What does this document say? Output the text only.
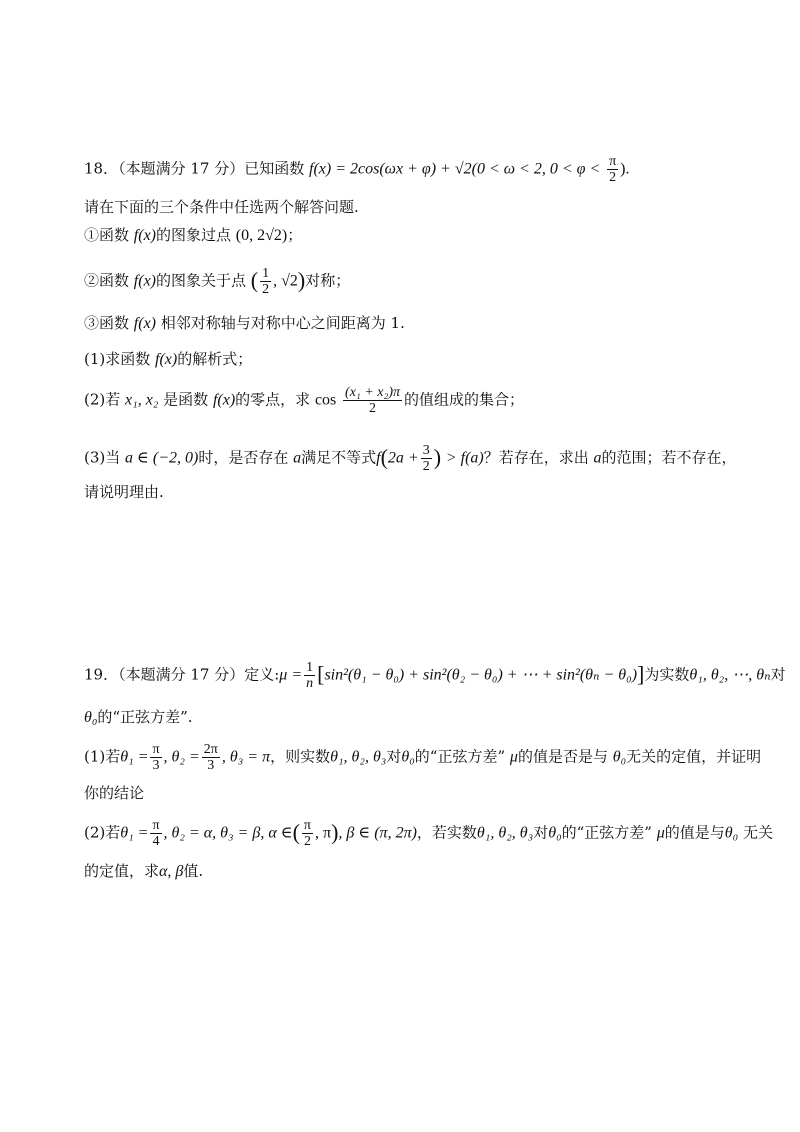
18．（本题满分 17 分）已知函数 f(x) = 2cos(ωx + φ) + √2(0 < ω < 2, $0 < \varphi < \frac{\pi}{2}$ ).
请在下面的三个条件中任选两个解答问题.
①函数 f(x)的图象过点 (0, 2√2)；
②函数 f(x)的图象关于点 ( $\frac{1}{2}$ , √2)对称；
③函数 f(x) 相邻对称轴与对称中心之间距离为 1.
(1)求函数 f(x)的解析式；
(2)若 x₁, x₂ 是函数 f(x)的零点，求 $\cos \frac{\text{(x₁ + x₂)π}}{2}$ 的值组成的集合；
(3)当 a ∈ (−2, 0)时，是否存在 a满足不等式$f(2a + \frac{3}{2}$ ) > f(a)？若存在，求出 a的范围；若不存在，
请说明理由.
19．（本题满分 17 分）定义:μ = $\frac{1}{n} [\sin^2(\theta_1 - \theta_0) + \sin^2(\theta_2 - \theta_0)$ + ⋯ + sin²(θₙ − θ₀)]为实数θ₁, θ₂, ⋯, θₙ对
θ₀的“正弦方差”.
(1)若$\theta_1 = \frac{\pi}{3}$ , $\theta_2 = \frac{2\pi}{3}$ , θ₃ = π，则实数θ₁, θ₂, θ₃对θ₀的“正弦方差” μ的值是否是与 θ₀无关的定值，并证明
你的结论
(2)若$\theta_1 = \frac{\pi}{4}$ , θ₂ = α, θ₃ = β, α ∈( $\frac{\pi}{2}$ , π), β ∈ (π, 2π)，若实数θ₁, θ₂, θ₃对θ₀的“正弦方差” μ的值是与θ₀ 无关
的定值，求α, β值.
